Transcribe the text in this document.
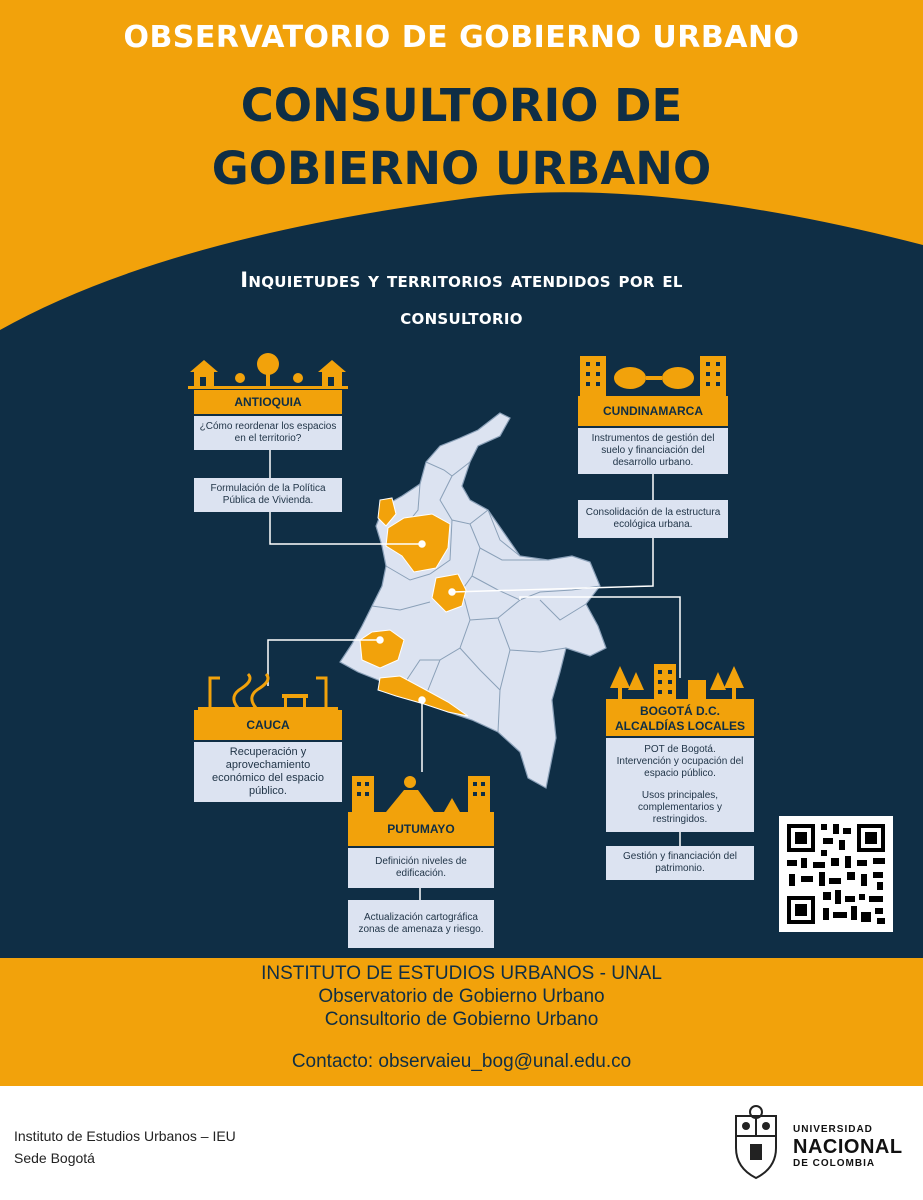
OBSERVATORIO DE GOBIERNO URBANO
CONSULTORIO DE
GOBIERNO URBANO
Inquietudes y territorios atendidos por el
consultorio
ANTIOQUIA
¿Cómo reordenar los espacios en el territorio?
Formulación de la Política Pública de Vivienda.
CUNDINAMARCA
Instrumentos de gestión del suelo y financiación del desarrollo urbano.
Consolidación de la estructura ecológica urbana.
CAUCA
Recuperación y aprovechamiento económico del espacio público.
PUTUMAYO
Definición niveles de edificación.
Actualización cartográfica zonas de amenaza y riesgo.
BOGOTÁ D.C.
ALCALDÍAS LOCALES
POT de Bogotá.
Intervención y ocupación del espacio público.
Usos principales, complementarios y restringidos.
Gestión y financiación del patrimonio.
INSTITUTO DE ESTUDIOS URBANOS - UNAL
Observatorio de Gobierno Urbano
Consultorio de Gobierno Urbano
Contacto: observaieu_bog@unal.edu.co
Instituto de Estudios Urbanos – IEU
Sede Bogotá
UNIVERSIDAD
NACIONAL
DE COLOMBIA
